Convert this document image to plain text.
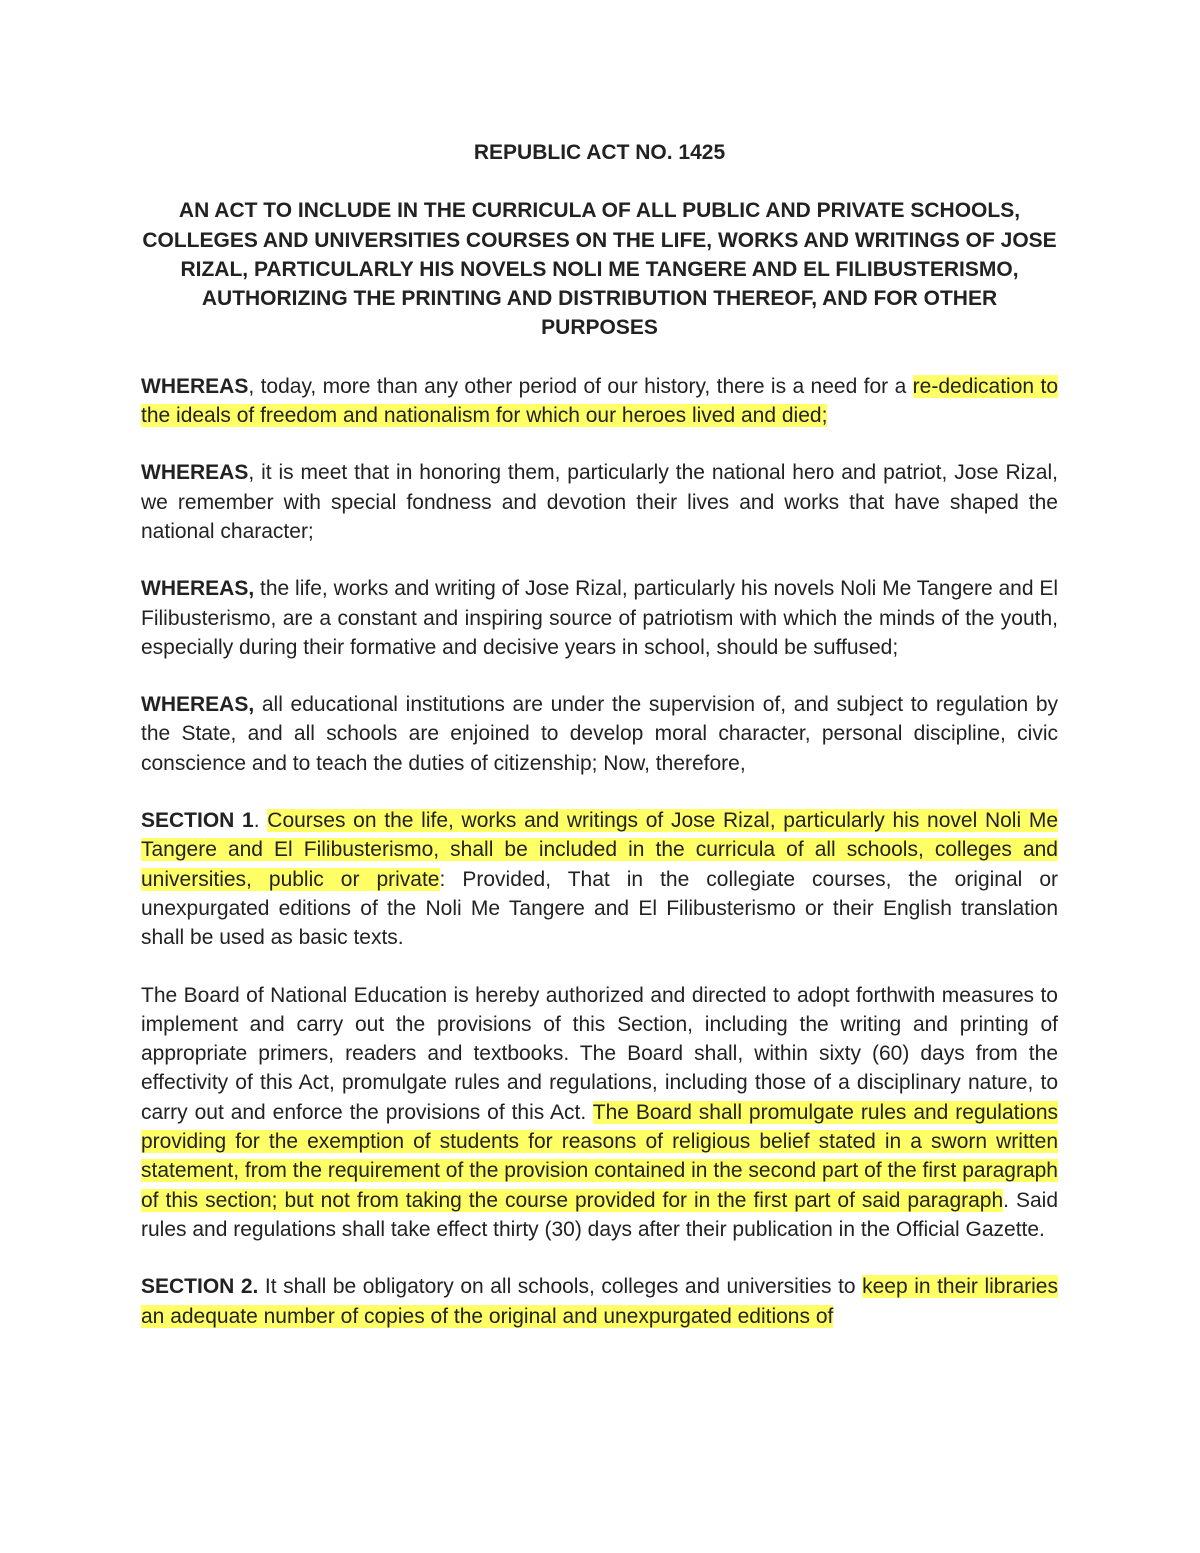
REPUBLIC ACT NO. 1425
AN ACT TO INCLUDE IN THE CURRICULA OF ALL PUBLIC AND PRIVATE SCHOOLS, COLLEGES AND UNIVERSITIES COURSES ON THE LIFE, WORKS AND WRITINGS OF JOSE RIZAL, PARTICULARLY HIS NOVELS NOLI ME TANGERE AND EL FILIBUSTERISMO, AUTHORIZING THE PRINTING AND DISTRIBUTION THEREOF, AND FOR OTHER PURPOSES

WHEREAS, today, more than any other period of our history, there is a need for a re-dedication to the ideals of freedom and nationalism for which our heroes lived and died;

WHEREAS, it is meet that in honoring them, particularly the national hero and patriot, Jose Rizal, we remember with special fondness and devotion their lives and works that have shaped the national character;

WHEREAS, the life, works and writing of Jose Rizal, particularly his novels Noli Me Tangere and El Filibusterismo, are a constant and inspiring source of patriotism with which the minds of the youth, especially during their formative and decisive years in school, should be suffused;

WHEREAS, all educational institutions are under the supervision of, and subject to regulation by the State, and all schools are enjoined to develop moral character, personal discipline, civic conscience and to teach the duties of citizenship; Now, therefore,

SECTION 1. Courses on the life, works and writings of Jose Rizal, particularly his novel Noli Me Tangere and El Filibusterismo, shall be included in the curricula of all schools, colleges and universities, public or private: Provided, That in the collegiate courses, the original or unexpurgated editions of the Noli Me Tangere and El Filibusterismo or their English translation shall be used as basic texts.

The Board of National Education is hereby authorized and directed to adopt forthwith measures to implement and carry out the provisions of this Section, including the writing and printing of appropriate primers, readers and textbooks. The Board shall, within sixty (60) days from the effectivity of this Act, promulgate rules and regulations, including those of a disciplinary nature, to carry out and enforce the provisions of this Act. The Board shall promulgate rules and regulations providing for the exemption of students for reasons of religious belief stated in a sworn written statement, from the requirement of the provision contained in the second part of the first paragraph of this section; but not from taking the course provided for in the first part of said paragraph. Said rules and regulations shall take effect thirty (30) days after their publication in the Official Gazette.

SECTION 2. It shall be obligatory on all schools, colleges and universities to keep in their libraries an adequate number of copies of the original and unexpurgated editions of
